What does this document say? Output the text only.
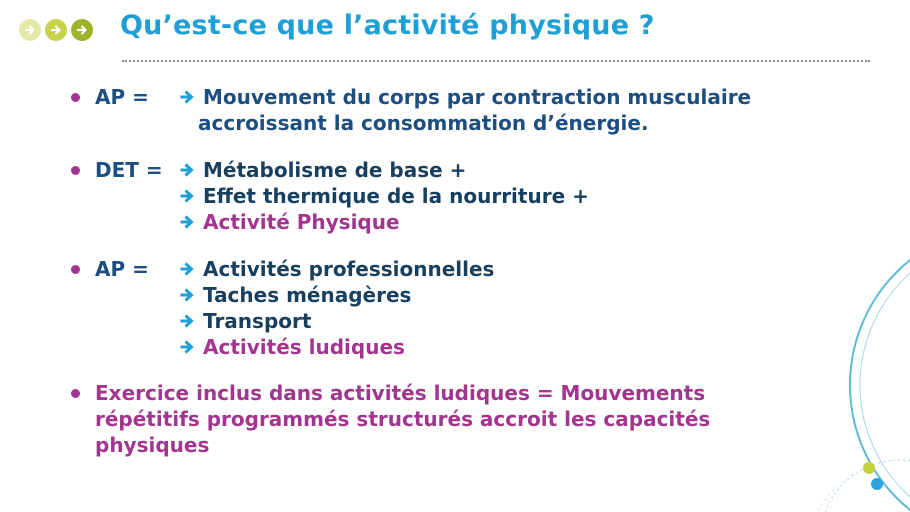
Qu’est-ce que l’activité physique ?
AP =	Mouvement du corps par contraction musculaire
accroissant la consommation d’énergie.
DET = Métabolisme de base +
Effet thermique de la nourriture +
Activité Physique
AP =	Activités professionnelles
Taches ménagères
Transport
Activités ludiques
Exercice inclus dans activités ludiques = Mouvements répétitifs programmés structurés accroit les capacités physiques
